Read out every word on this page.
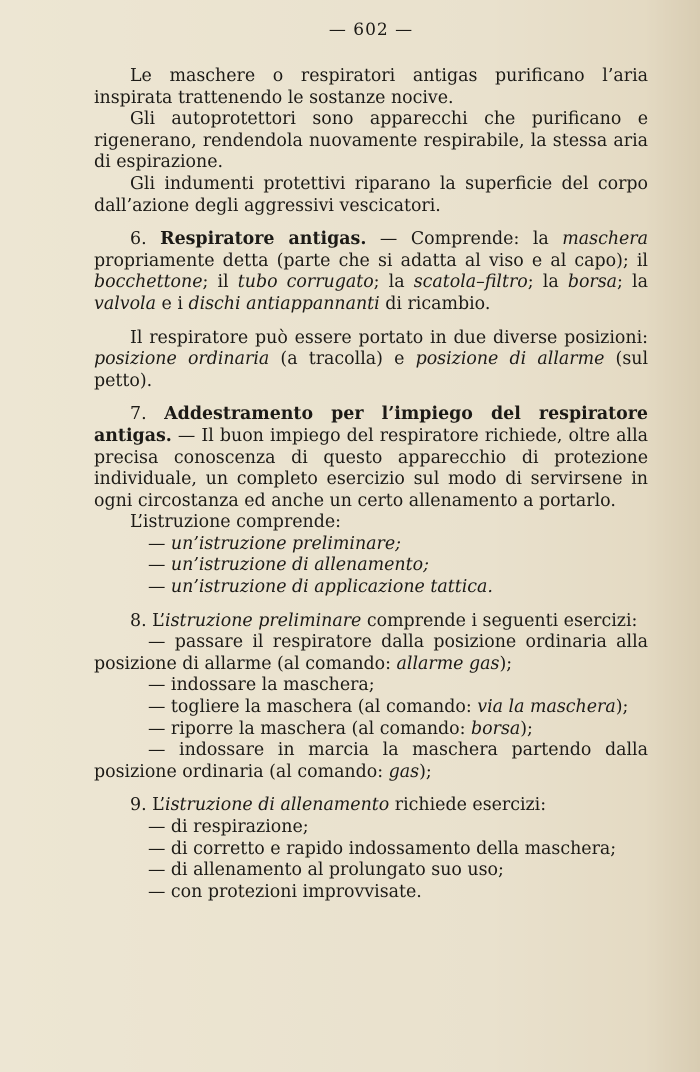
— 602 —

Le maschere o respiratori antigas purificano l’aria inspirata trattenendo le sostanze nocive.

Gli autoprotettori sono apparecchi che purificano e rigenerano, rendendola nuovamente respirabile, la stessa aria di espirazione.

Gli indumenti protettivi riparano la superficie del corpo dall’azione degli aggressivi vescicatori.

6. Respiratore antigas. — Comprende: la maschera propriamente detta (parte che si adatta al viso e al capo); il bocchettone; il tubo corrugato; la scatola–filtro; la borsa; la valvola e i dischi antiappannanti di ricambio.

Il respiratore può essere portato in due diverse posizioni: posizione ordinaria (a tracolla) e posizione di allarme (sul petto).

7. Addestramento per l’impiego del respiratore antigas. — Il buon impiego del respiratore richiede, oltre alla precisa conoscenza di questo apparecchio di protezione individuale, un completo esercizio sul modo di servirsene in ogni circostanza ed anche un certo allenamento a portarlo.

L’istruzione comprende:

— un’istruzione preliminare;

— un’istruzione di allenamento;

— un’istruzione di applicazione tattica.

8. L’istruzione preliminare comprende i seguenti esercizi:

— passare il respiratore dalla posizione ordinaria alla posizione di allarme (al comando: allarme gas);

— indossare la maschera;

— togliere la maschera (al comando: via la maschera);

— riporre la maschera (al comando: borsa);

— indossare in marcia la maschera partendo dalla posizione ordinaria (al comando: gas);

9. L’istruzione di allenamento richiede esercizi:

— di respirazione;

— di corretto e rapido indossamento della maschera;

— di allenamento al prolungato suo uso;

— con protezioni improvvisate.
